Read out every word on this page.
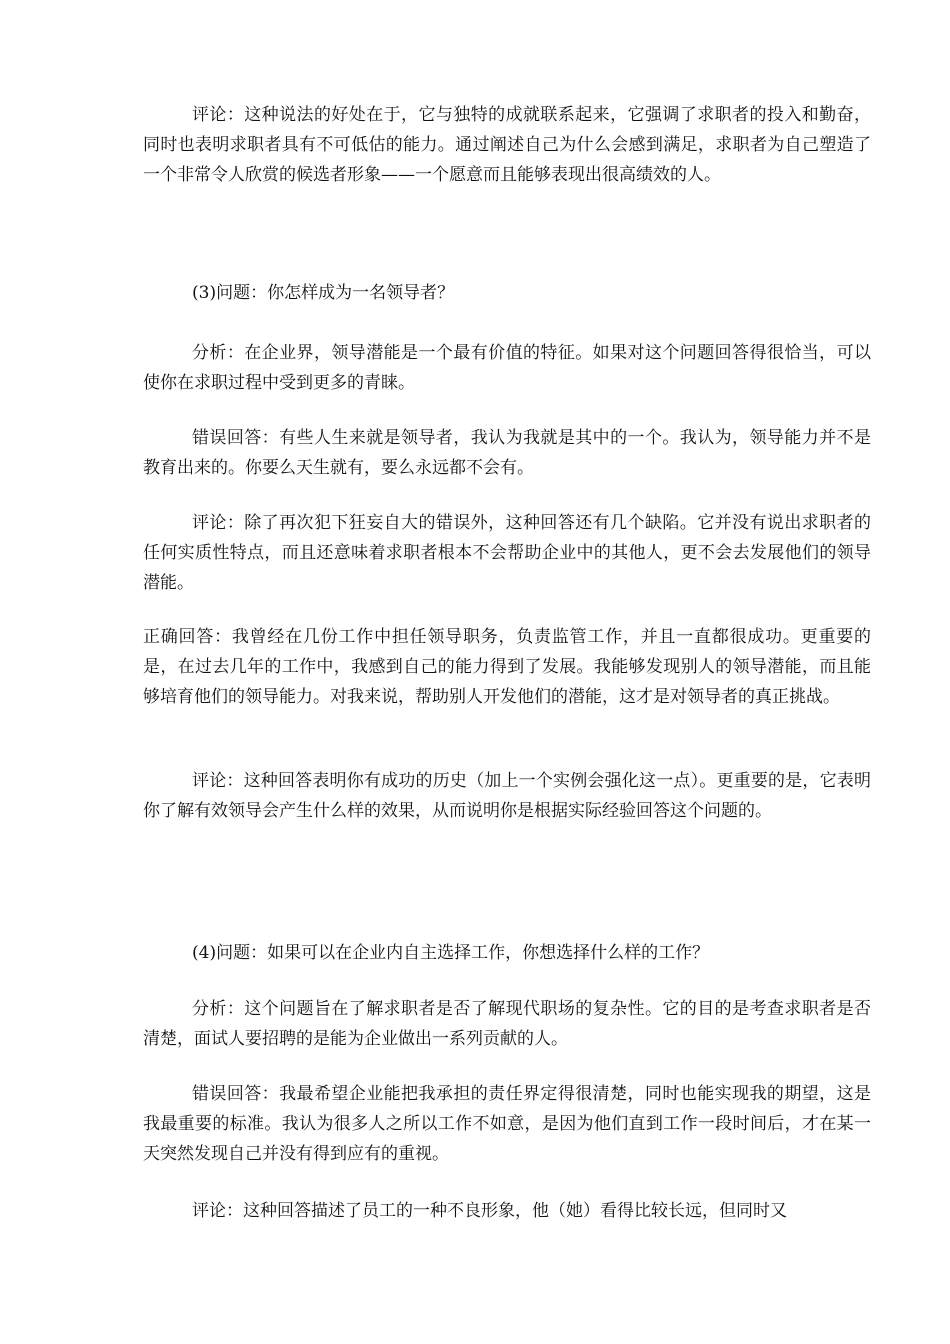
评论：这种说法的好处在于，它与独特的成就联系起来，它强调了求职者的投入和勤奋，同时也表明求职者具有不可低估的能力。通过阐述自己为什么会感到满足，求职者为自己塑造了一个非常令人欣赏的候选者形象——一个愿意而且能够表现出很高绩效的人。

(3)问题：你怎样成为一名领导者？

分析：在企业界，领导潜能是一个最有价值的特征。如果对这个问题回答得很恰当，可以使你在求职过程中受到更多的青睐。

错误回答：有些人生来就是领导者，我认为我就是其中的一个。我认为，领导能力并不是教育出来的。你要么天生就有，要么永远都不会有。

评论：除了再次犯下狂妄自大的错误外，这种回答还有几个缺陷。它并没有说出求职者的任何实质性特点，而且还意味着求职者根本不会帮助企业中的其他人，更不会去发展他们的领导潜能。

正确回答：我曾经在几份工作中担任领导职务，负责监管工作，并且一直都很成功。更重要的是，在过去几年的工作中，我感到自己的能力得到了发展。我能够发现别人的领导潜能，而且能够培育他们的领导能力。对我来说，帮助别人开发他们的潜能，这才是对领导者的真正挑战。

评论：这种回答表明你有成功的历史（加上一个实例会强化这一点）。更重要的是，它表明你了解有效领导会产生什么样的效果，从而说明你是根据实际经验回答这个问题的。

(4)问题：如果可以在企业内自主选择工作，你想选择什么样的工作？

分析：这个问题旨在了解求职者是否了解现代职场的复杂性。它的目的是考查求职者是否清楚，面试人要招聘的是能为企业做出一系列贡献的人。

错误回答：我最希望企业能把我承担的责任界定得很清楚，同时也能实现我的期望，这是我最重要的标准。我认为很多人之所以工作不如意，是因为他们直到工作一段时间后，才在某一天突然发现自己并没有得到应有的重视。

评论：这种回答描述了员工的一种不良形象，他（她）看得比较长远，但同时又
